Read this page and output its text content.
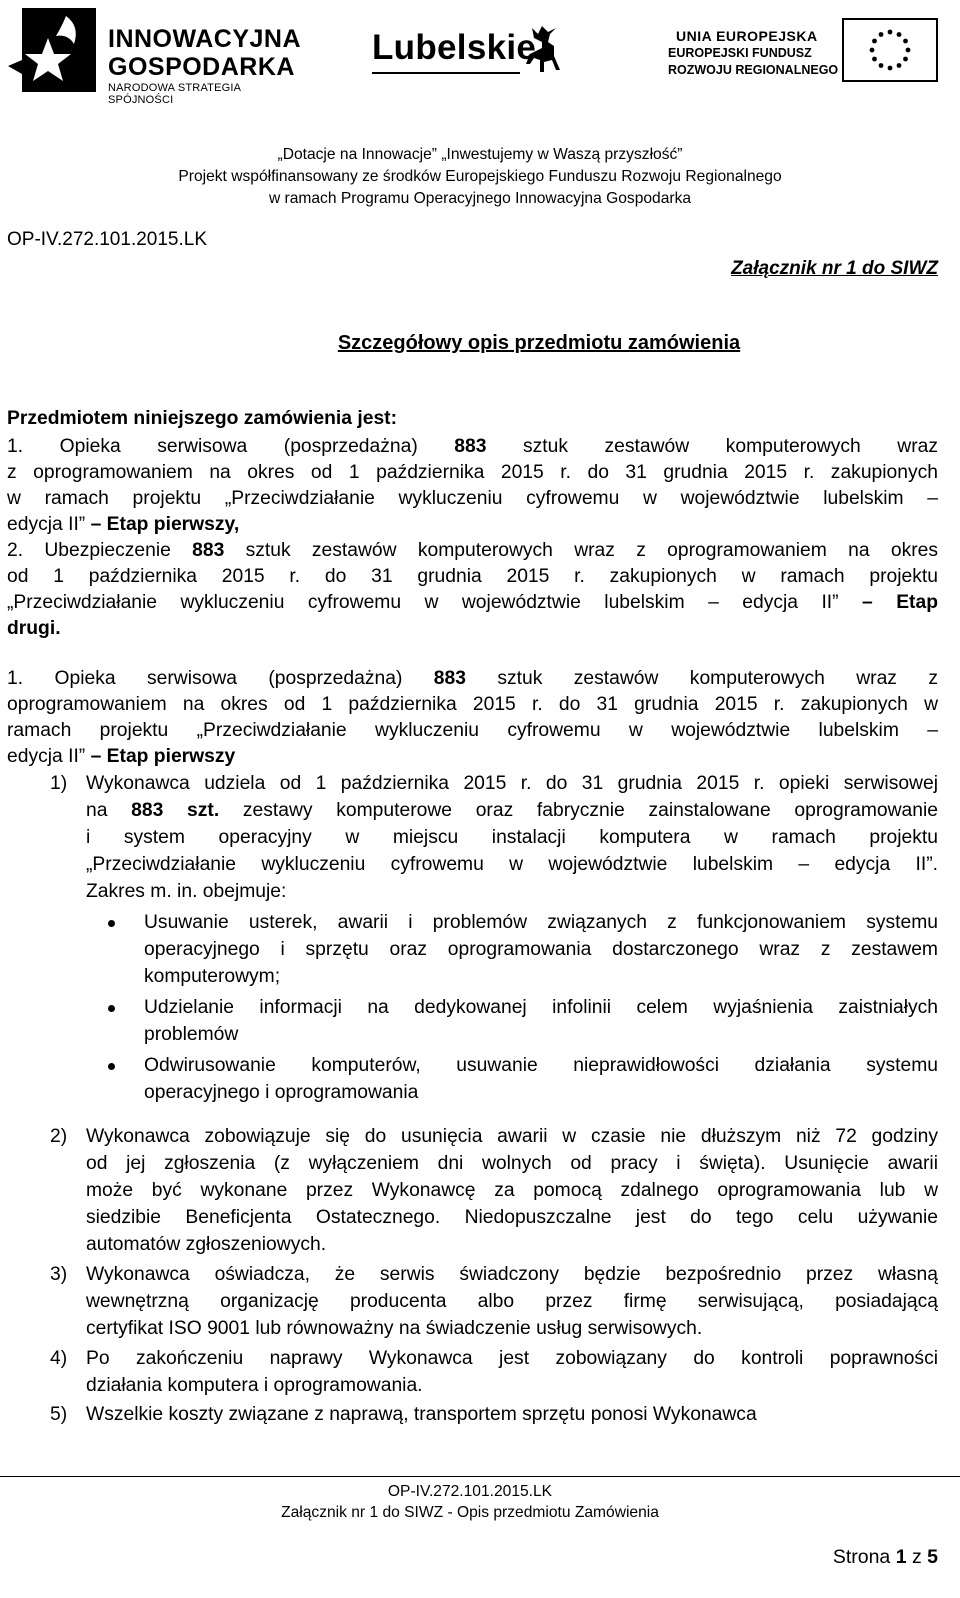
INNOWACYJNA
GOSPODARKA
NARODOWA STRATEGIA SPÓJNOŚCI
Lubelskie	UNIA EUROPEJSKA
EUROPEJSKI FUNDUSZ
ROZWOJU REGIONALNEGO
„Dotacje na Innowacje” „Inwestujemy w Waszą przyszłość”
Projekt współfinansowany ze środków Europejskiego Funduszu Rozwoju Regionalnego
w ramach Programu Operacyjnego Innowacyjna Gospodarka
OP-IV.272.101.2015.LK
Załącznik nr 1 do SIWZ
Szczegółowy opis przedmiotu zamówienia
Przedmiotem niniejszego zamówienia jest:
1. Opieka serwisowa (posprzedażna) 883 sztuk zestawów komputerowych wraz
z oprogramowaniem na okres od 1 października 2015 r. do 31 grudnia 2015 r. zakupionych
w ramach projektu „Przeciwdziałanie wykluczeniu cyfrowemu w województwie lubelskim –
edycja II” – Etap pierwszy,
2. Ubezpieczenie 883 sztuk zestawów komputerowych wraz z oprogramowaniem na okres
od 1 października 2015 r. do 31 grudnia 2015 r. zakupionych w ramach projektu
„Przeciwdziałanie wykluczeniu cyfrowemu w województwie lubelskim – edycja II” – Etap
drugi.
1. Opieka serwisowa (posprzedażna) 883 sztuk zestawów komputerowych wraz z
oprogramowaniem na okres od 1 października 2015 r. do 31 grudnia 2015 r. zakupionych w
ramach projektu „Przeciwdziałanie wykluczeniu cyfrowemu w województwie lubelskim –
edycja II” – Etap pierwszy
1) Wykonawca udziela od 1 października 2015 r. do 31 grudnia 2015 r. opieki serwisowej
na 883 szt. zestawy komputerowe oraz fabrycznie zainstalowane oprogramowanie
i system operacyjny w miejscu instalacji komputera w ramach projektu
„Przeciwdziałanie wykluczeniu cyfrowemu w województwie lubelskim – edycja II”.
Zakres m. in. obejmuje:
Usuwanie usterek, awarii i problemów związanych z funkcjonowaniem systemu
operacyjnego i sprzętu oraz oprogramowania dostarczonego wraz z zestawem
komputerowym;
Udzielanie informacji na dedykowanej infolinii celem wyjaśnienia zaistniałych
problemów
Odwirusowanie komputerów, usuwanie nieprawidłowości działania systemu
operacyjnego i oprogramowania
2) Wykonawca zobowiązuje się do usunięcia awarii w czasie nie dłuższym niż 72 godziny
od jej zgłoszenia (z wyłączeniem dni wolnych od pracy i święta). Usunięcie awarii
może być wykonane przez Wykonawcę za pomocą zdalnego oprogramowania lub w
siedzibie Beneficjenta Ostatecznego. Niedopuszczalne jest do tego celu używanie
automatów zgłoszeniowych.
3) Wykonawca oświadcza, że serwis świadczony będzie bezpośrednio przez własną
wewnętrzną organizację producenta albo przez firmę serwisującą, posiadającą
certyfikat ISO 9001 lub równoważny na świadczenie usług serwisowych.
4) Po zakończeniu naprawy Wykonawca jest zobowiązany do kontroli poprawności
działania komputera i oprogramowania.
5) Wszelkie koszty związane z naprawą, transportem sprzętu ponosi Wykonawca
OP-IV.272.101.2015.LK
Załącznik nr 1 do SIWZ - Opis przedmiotu Zamówienia
Strona 1 z 5
